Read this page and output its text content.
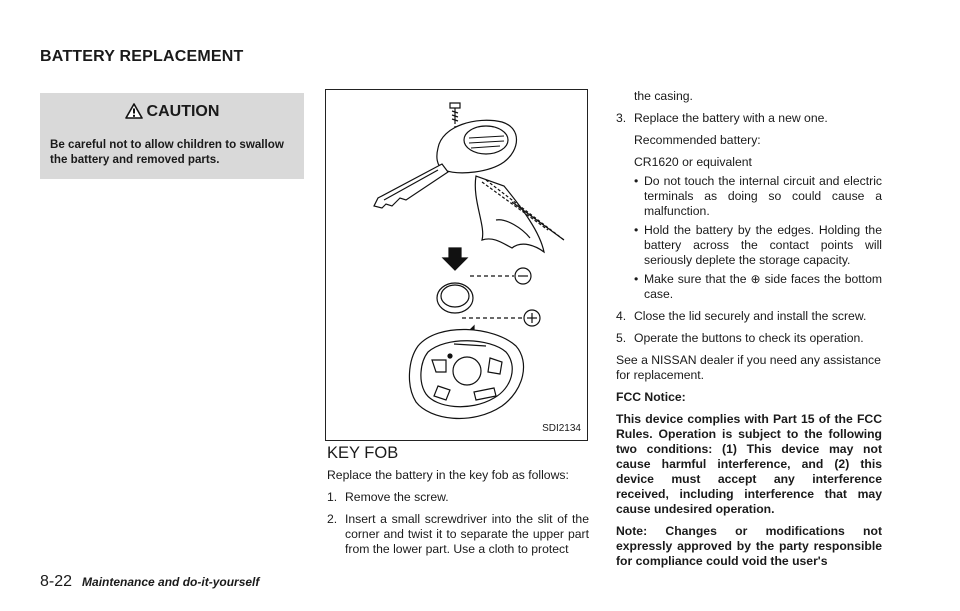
BATTERY REPLACEMENT
CAUTION
Be careful not to allow children to swallow the battery and removed parts.
SDI2134
KEY FOB

Replace the battery in the key fob as follows:

1. Remove the screw.
2. Insert a small screwdriver into the slit of the corner and twist it to separate the upper part from the lower part. Use a cloth to protect

the casing.

3. Replace the battery with a new one.

Recommended battery:

CR1620 or equivalent

• Do not touch the internal circuit and electric terminals as doing so could cause a malfunction.
• Hold the battery by the edges. Holding the battery across the contact points will seriously deplete the storage capacity.
• Make sure that the ⊕ side faces the bottom case.
4. Close the lid securely and install the screw.
5. Operate the buttons to check its operation.

See a NISSAN dealer if you need any assistance for replacement.

FCC Notice:

This device complies with Part 15 of the FCC Rules. Operation is subject to the following two conditions: (1) This device may not cause harmful interference, and (2) this device must accept any interference received, including interference that may cause undesired operation.

Note: Changes or modifications not expressly approved by the party responsible for compliance could void the user's

8-22 Maintenance and do-it-yourself
